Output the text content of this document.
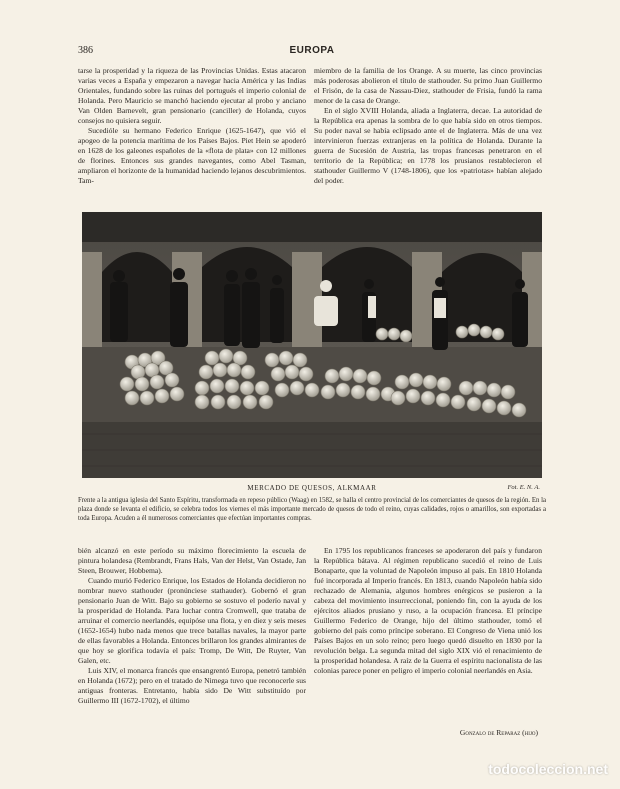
386	EUROPA

tarse la prosperidad y la riqueza de las Provincias Unidas. Estas atacaron varias veces a España y empezaron a navegar hacia América y las Indias Orientales, fundando sobre las ruinas del portugués el imperio colonial de Holanda. Pero Mauricio se manchó haciendo ejecutar al probo y anciano Van Olden Barnevelt, gran pensionario (canciller) de Holanda, cuyos consejos no quisiera seguir.

Sucedióle su hermano Federico Enrique (1625-1647), que vió el apogeo de la potencia marítima de los Países Bajos. Piet Hein se apoderó en 1628 de los galeones españoles de la «flota de plata» con 12 millones de florines. Entonces sus grandes navegantes, como Abel Tasman, ampliaron el horizonte de la humanidad haciendo lejanos descubrimientos. Tam-

miembro de la familia de los Orange. A su muerte, las cinco provincias más poderosas abolieron el título de stathouder. Su primo Juan Guillermo el Frisón, de la casa de Nassau-Diez, stathouder de Frisia, fundó la rama menor de la casa de Orange.

En el siglo XVIII Holanda, aliada a Inglaterra, decae. La autoridad de la República era apenas la sombra de lo que había sido en otros tiempos. Su poder naval se había eclipsado ante el de Inglaterra. Más de una vez intervinieron fuerzas extranjeras en la política de Holanda. Durante la guerra de Sucesión de Austria, las tropas francesas penetraron en el territorio de la República; en 1778 los prusianos restablecieron el stathouder Guillermo V (1748-1806), que los «patriotas» habían alejado del poder.

MERCADO DE QUESOS, ALKMAAR	Fot. E. N. A.
Frente a la antigua iglesia del Santo Espíritu, transformada en repeso público (Waag) en 1582, se halla el centro provincial de los comerciantes de quesos de la región. En la plaza donde se levanta el edificio, se celebra todos los viernes el más importante mercado de quesos de todo el reino, cuyas calidades, rojos o amarillos, son exportadas a toda Europa. Acuden a él numerosos comerciantes que efectúan importantes compras.

bién alcanzó en este período su máximo florecimiento la escuela de pintura holandesa (Rembrandt, Frans Hals, Van der Helst, Van Ostade, Jan Steen, Brouwer, Hobbema).

Cuando murió Federico Enrique, los Estados de Holanda decidieron no nombrar nuevo stathouder (pronúnciese stathauder). Gobernó el gran pensionario Juan de Witt. Bajo su gobierno se sostuvo el poderío naval y la prosperidad de Holanda. Para luchar contra Cromwell, que trataba de arruinar el comercio neerlandés, equipóse una flota, y en diez y seis meses (1652-1654) hubo nada menos que trece batallas navales, la mayor parte de ellas favorables a Holanda. Entonces brillaron los grandes almirantes de que hoy se glorifica todavía el país: Tromp, De Witt, De Ruyter, Van Galen, etc.

Luis XIV, el monarca francés que ensangrentó Europa, penetró también en Holanda (1672); pero en el tratado de Nimega tuvo que reconocerle sus antiguas fronteras. Entretanto, había sido De Witt substituído por Guillermo III (1672-1702), el último

En 1795 los republicanos franceses se apoderaron del país y fundaron la República bátava. Al régimen republicano sucedió el reino de Luis Bonaparte, que la voluntad de Napoleón impuso al país. En 1810 Holanda fué incorporada al Imperio francés. En 1813, cuando Napoleón había sido rechazado de Alemania, algunos hombres enérgicos se pusieron a la cabeza del movimiento insurreccional, poniendo fin, con la ayuda de los ejércitos aliados prusiano y ruso, a la ocupación francesa. El príncipe Guillermo Federico de Orange, hijo del último stathouder, tomó el gobierno del país como príncipe soberano. El Congreso de Viena unió los Países Bajos en un solo reino; pero luego quedó disuelto en 1830 por la revolución belga. La segunda mitad del siglo XIX vió el renacimiento de la prosperidad holandesa. A raíz de la Guerra el espíritu nacionalista de las colonias parece poner en peligro el imperio colonial neerlandés en Asia.

Gonzalo de Reparaz (hijo)
todocoleccion.net
